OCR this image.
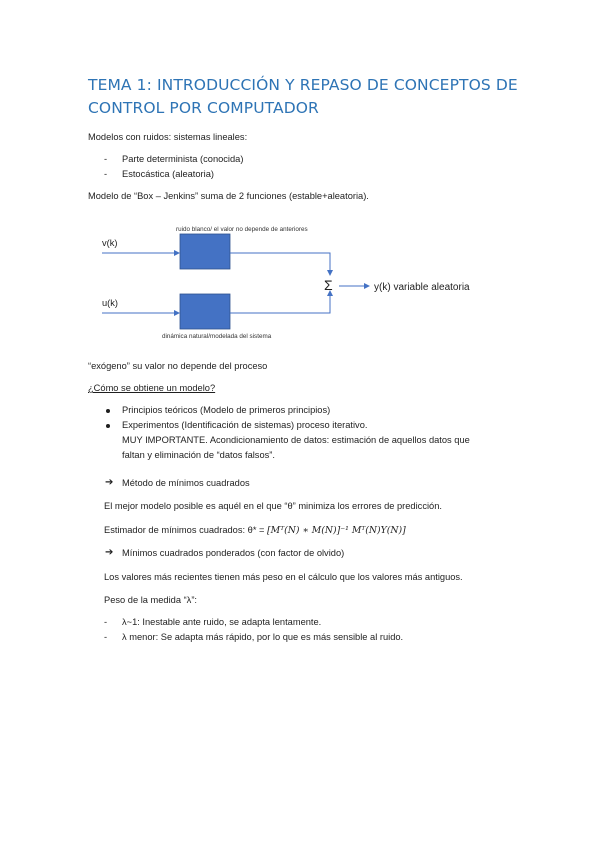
TEMA 1: INTRODUCCIÓN Y REPASO DE CONCEPTOS DE CONTROL POR COMPUTADOR
Modelos con ruidos: sistemas lineales:
- Parte determinista (conocida)
- Estocástica (aleatoria)
Modelo de “Box – Jenkins” suma de 2 funciones (estable+aleatoria).
ruido blanco/ el valor no depende de anteriores
v(k)
u(k)
Σ	y(k) variable aleatoria
dinámica natural/modelada del sistema
“exógeno” su valor no depende del proceso
¿Cómo se obtiene un modelo?
Principios teóricos (Modelo de primeros principios)
Experimentos (Identificación de sistemas) proceso iterativo.
MUY IMPORTANTE. Acondicionamiento de datos: estimación de aquellos datos que
faltan y eliminación de “datos falsos”.
➔ Método de mínimos cuadrados
El mejor modelo posible es aquél en el que “θ” minimiza los errores de predicción.
Estimador de mínimos cuadrados: θ* = [Mᵀ(N) ∗ M(N)]⁻¹ Mᵀ(N)Y(N)]
➔ Mínimos cuadrados ponderados (con factor de olvido)
Los valores más recientes tienen más peso en el cálculo que los valores más antiguos.
Peso de la medida “λ”:
- λ~1: Inestable ante ruido, se adapta lentamente.
- λ menor: Se adapta más rápido, por lo que es más sensible al ruido.
